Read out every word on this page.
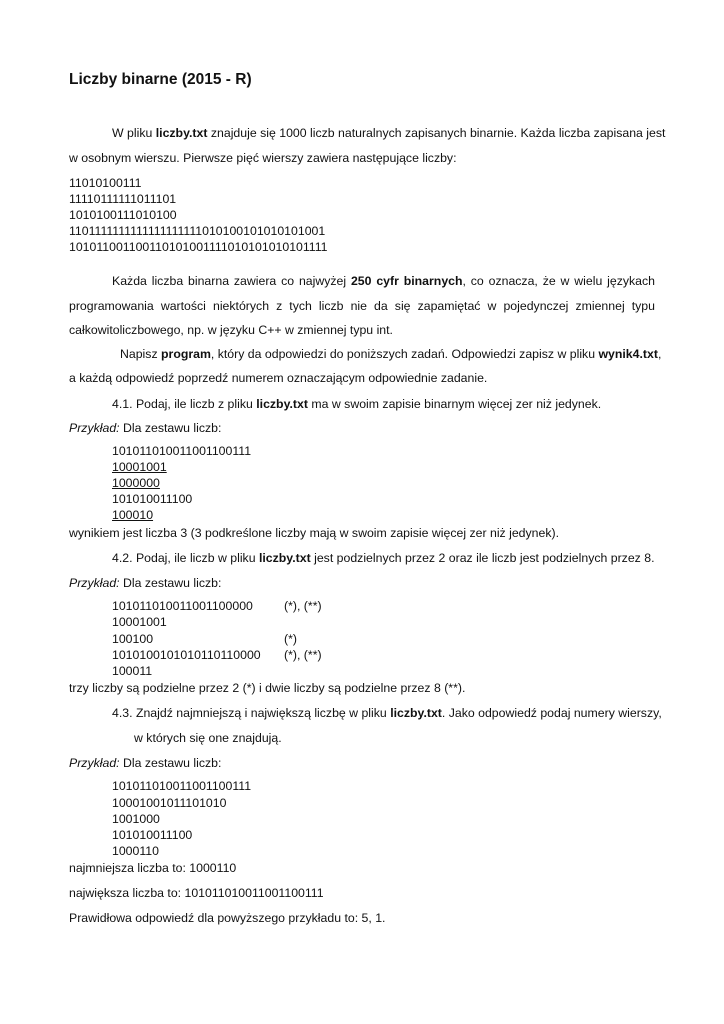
Liczby binarne (2015 - R)
W pliku liczby.txt znajduje się 1000 liczb naturalnych zapisanych binarnie. Każda liczba zapisana jest
w osobnym wierszu. Pierwsze pięć wierszy zawiera następujące liczby:
11010100111
11110111111011101
1010100111010100
1101111111111111111111010100101010101001
101011001100110101001111010101010101111
Każda liczba binarna zawiera co najwyżej 250 cyfr binarnych, co oznacza, że w wielu językach
programowania wartości niektórych z tych liczb nie da się zapamiętać w pojedynczej zmiennej typu
całkowitoliczbowego, np. w języku C++ w zmiennej typu int.
Napisz program, który da odpowiedzi do poniższych zadań. Odpowiedzi zapisz w pliku wynik4.txt,
a każdą odpowiedź poprzedź numerem oznaczającym odpowiednie zadanie.
4.1. Podaj, ile liczb z pliku liczby.txt ma w swoim zapisie binarnym więcej zer niż jedynek.
Przykład: Dla zestawu liczb:
101011010011001100111
10001001
1000000
101010011100
100010
wynikiem jest liczba 3 (3 podkreślone liczby mają w swoim zapisie więcej zer niż jedynek).
4.2. Podaj, ile liczb w pliku liczby.txt jest podzielnych przez 2 oraz ile liczb jest podzielnych przez 8.
Przykład: Dla zestawu liczb:
101011010011001100000	(*), (**)
10001001
100100	(*)
1010100101010110110000 (*), (**)
100011
trzy liczby są podzielne przez 2 (*) i dwie liczby są podzielne przez 8 (**).
4.3. Znajdź najmniejszą i największą liczbę w pliku liczby.txt. Jako odpowiedź podaj numery wierszy,
w których się one znajdują.
Przykład: Dla zestawu liczb:
101011010011001100111
10001001011101010
1001000
101010011100
1000110
najmniejsza liczba to: 1000110
największa liczba to: 101011010011001100111
Prawidłowa odpowiedź dla powyższego przykładu to: 5, 1.
